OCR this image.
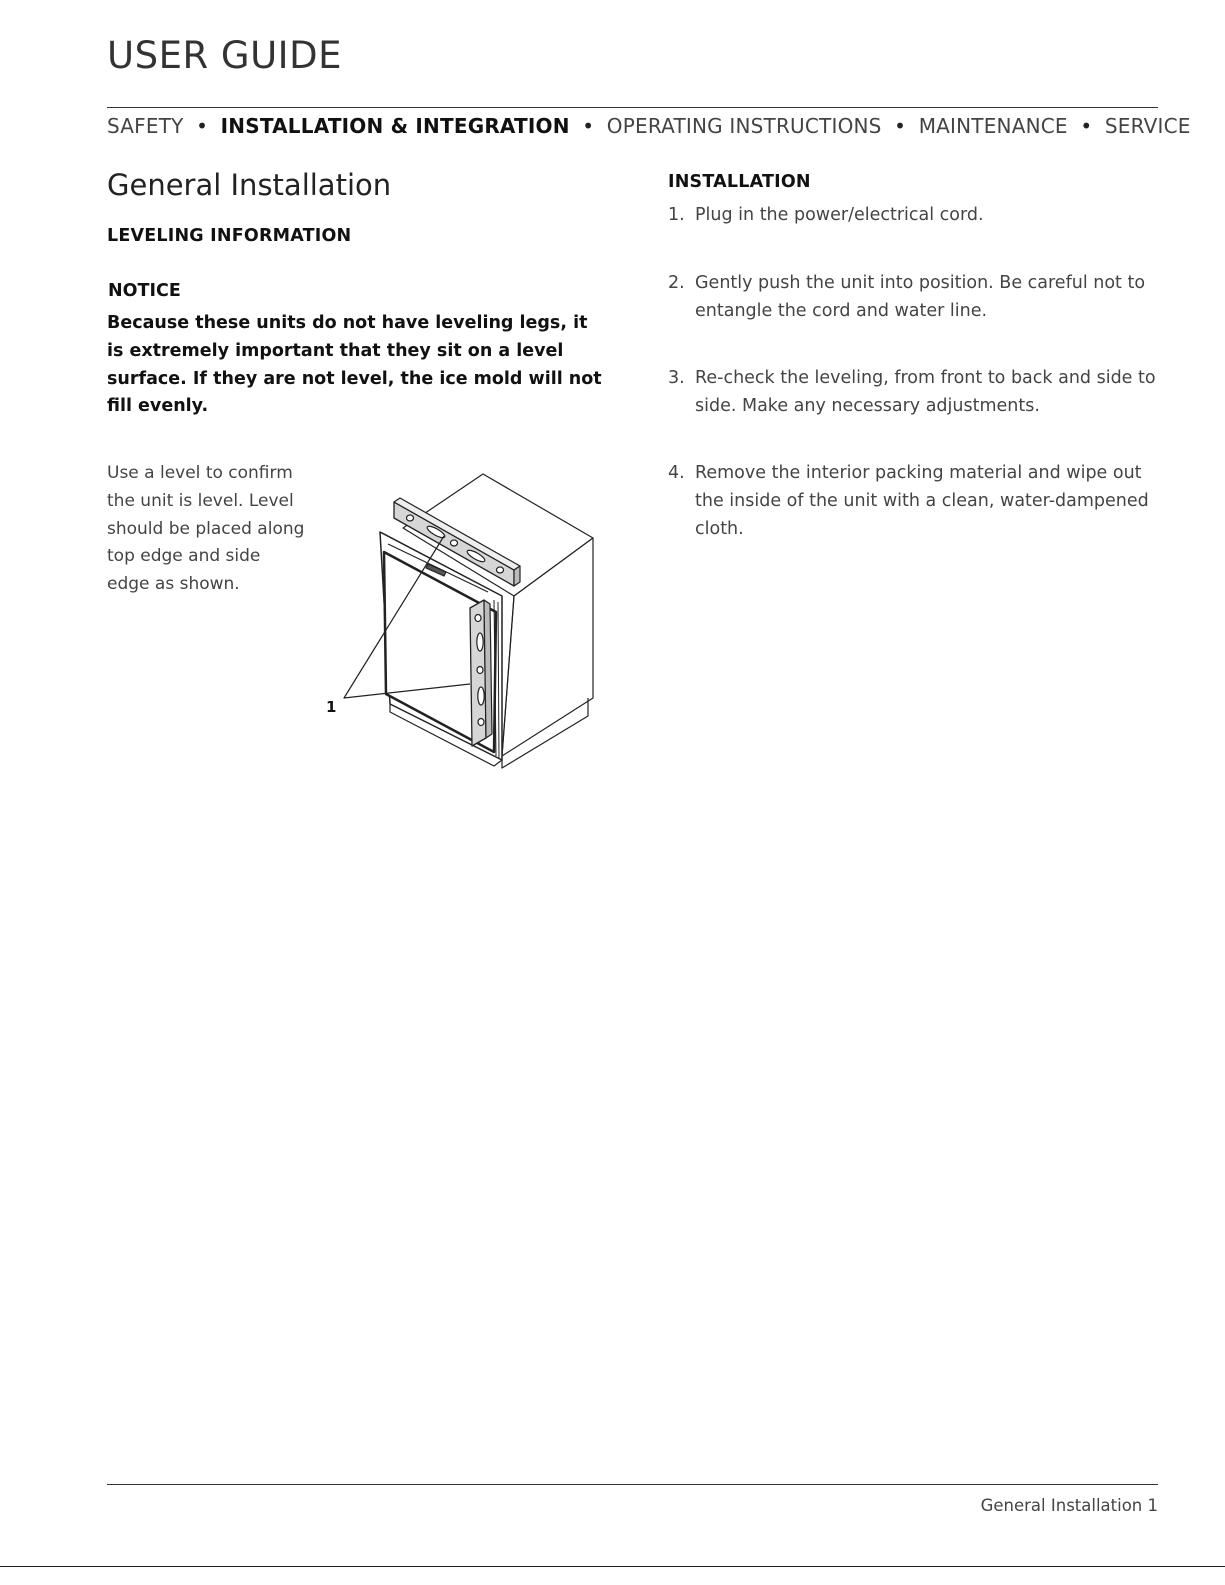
USER GUIDE
SAFETY • INSTALLATION & INTEGRATION • OPERATING INSTRUCTIONS • MAINTENANCE • SERVICE
General Installation
LEVELING INFORMATION
NOTICE

Because these units do not have leveling legs, it is extremely important that they sit on a level surface. If they are not level, the ice mold will not fill evenly.

Use a level to confirm the unit is level. Level should be placed along top edge and side edge as shown.

1
INSTALLATION
1. Plug in the power/electrical cord.
2. Gently push the unit into position. Be careful not to entangle the cord and water line.
3. Re-check the leveling, from front to back and side to side. Make any necessary adjustments.
4. Remove the interior packing material and wipe out the inside of the unit with a clean, water-dampened cloth.
General Installation 1
